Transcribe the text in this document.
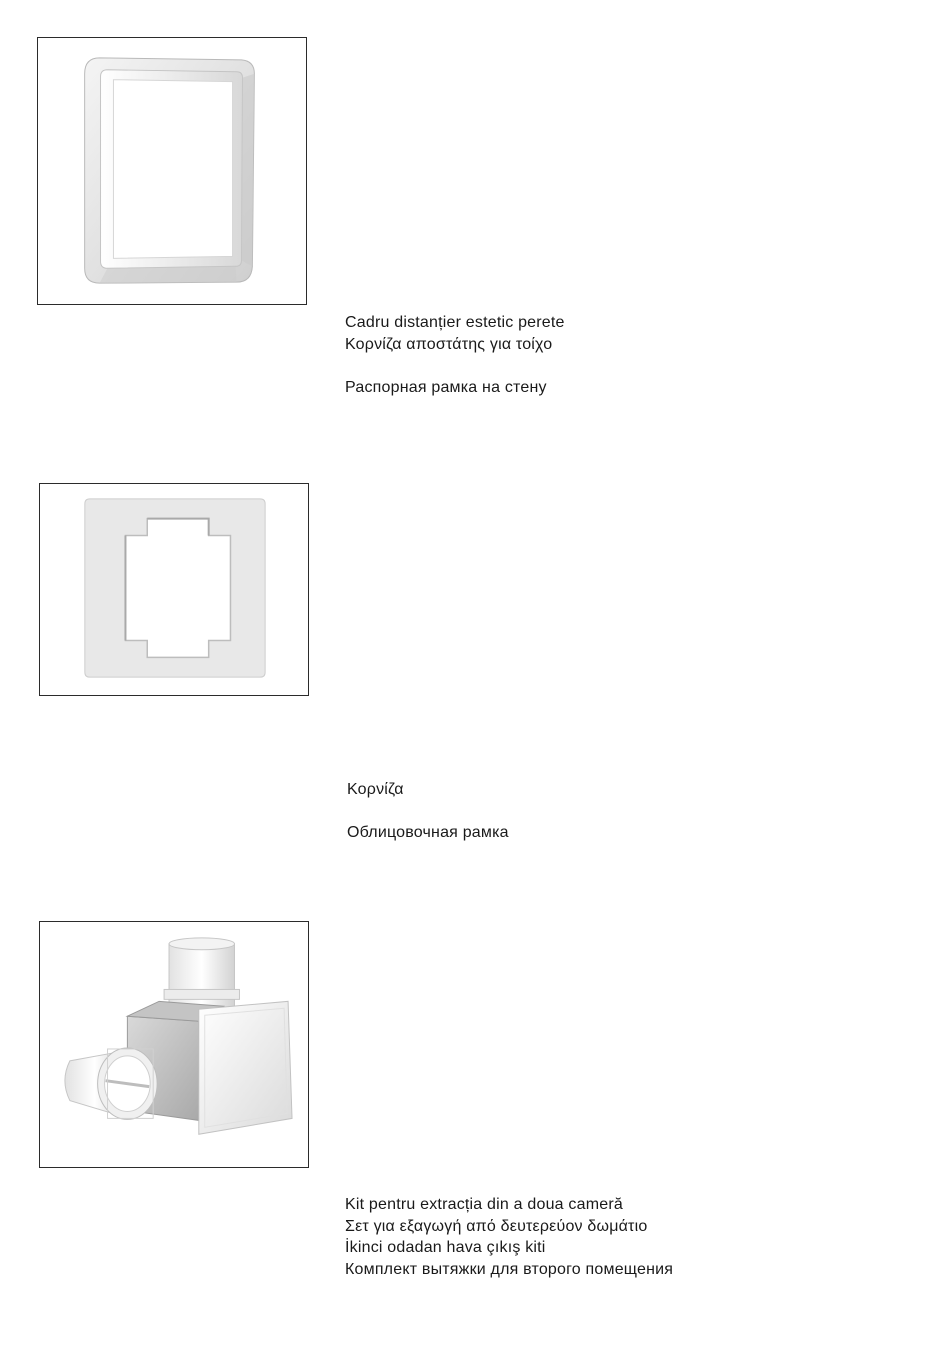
Cadru distanțier estetic perete
Κορνίζα αποστάτης για τοίχο
Распорная рамка на стену
Κορνίζα
Облицовочная рамка
Kit pentru extracția din a doua cameră
Σετ για εξαγωγή από δευτερεύον δωμάτιο
İkinci odadan hava çıkış kiti
Комплект вытяжки для второго помещения
